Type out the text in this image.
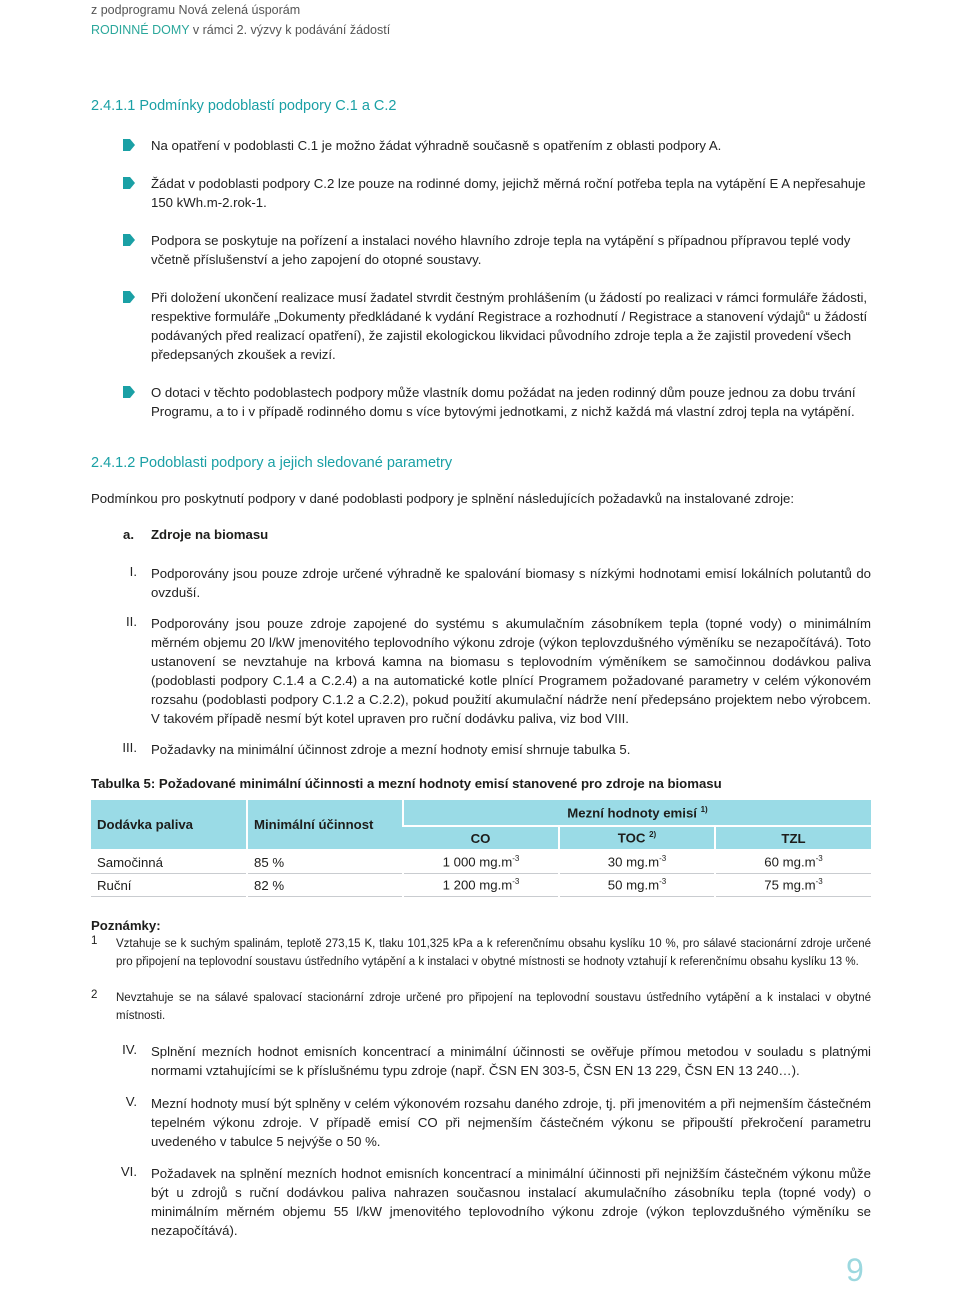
z podprogramu Nová zelená úsporám
RODINNÉ DOMY v rámci 2. výzvy k podávání žádostí
2.4.1.1 Podmínky podoblastí podpory C.1 a C.2
Na opatření v podoblasti C.1 je možno žádat výhradně současně s opatřením z oblasti podpory A.
Žádat v podoblasti podpory C.2 lze pouze na rodinné domy, jejichž měrná roční potřeba tepla na vytápění E A nepřesahuje 150 kWh.m-2.rok-1.
Podpora se poskytuje na pořízení a instalaci nového hlavního zdroje tepla na vytápění s případnou přípravou teplé vody včetně příslušenství a jeho zapojení do otopné soustavy.
Při doložení ukončení realizace musí žadatel stvrdit čestným prohlášením (u žádostí po realizaci v rámci formuláře žádosti, respektive formuláře „Dokumenty předkládané k vydání Registrace a rozhodnutí / Registrace a stanovení výdajů“ u žádostí podávaných před realizací opatření), že zajistil ekologickou likvidaci původního zdroje tepla a že zajistil provedení všech předepsaných zkoušek a revizí.
O dotaci v těchto podoblastech podpory může vlastník domu požádat na jeden rodinný dům pouze jednou za dobu trvání Programu, a to i v případě rodinného domu s více bytovými jednotkami, z nichž každá má vlastní zdroj tepla na vytápění.
2.4.1.2 Podoblasti podpory a jejich sledované parametry
Podmínkou pro poskytnutí podpory v dané podoblasti podpory je splnění následujících požadavků na instalované zdroje:
a. Zdroje na biomasu
I. Podporovány jsou pouze zdroje určené výhradně ke spalování biomasy s nízkými hodnotami emisí lokálních polutantů do ovzduší.
II. Podporovány jsou pouze zdroje zapojené do systému s akumulačním zásobníkem tepla (topné vody) o minimálním měrném objemu 20 l/kW jmenovitého teplovodního výkonu zdroje (výkon teplovzdušného výměníku se nezapočítává). Toto ustanovení se nevztahuje na krbová kamna na biomasu s teplovodním výměníkem se samočinnou dodávkou paliva (podoblasti podpory C.1.4 a C.2.4) a na automatické kotle plnící Programem požadované parametry v celém výkonovém rozsahu (podoblasti podpory C.1.2 a C.2.2), pokud použití akumulační nádrže není předepsáno projektem nebo výrobcem. V takovém případě nesmí být kotel upraven pro ruční dodávku paliva, viz bod VIII.
III. Požadavky na minimální účinnost zdroje a mezní hodnoty emisí shrnuje tabulka 5.
Tabulka 5: Požadované minimální účinnosti a mezní hodnoty emisí stanovené pro zdroje na biomasu
Dodávka paliva	Minimální účinnost	Mezní hodnoty emisí $^{1)}$
		CO	TOC $^{2)}$	TZL
Samočinná	85 %	1 000 $mg.m^{-3}$	30 $mg.m^{-3}$	60 $mg.m^{-3}$
Ruční	82 %	1 200 $mg.m^{-3}$	50 $mg.m^{-3}$	75 $mg.m^{-3}$
Poznámky:
1 Vztahuje se k suchým spalinám, teplotě 273,15 K, tlaku 101,325 kPa a k referenčnímu obsahu kyslíku 10 %, pro sálavé stacionární zdroje určené pro připojení na teplovodní soustavu ústředního vytápění a k instalaci v obytné místnosti se hodnoty vztahují k referenčnímu obsahu kyslíku 13 %.
2 Nevztahuje se na sálavé spalovací stacionární zdroje určené pro připojení na teplovodní soustavu ústředního vytápění a k instalaci v obytné místnosti.
IV. Splnění mezních hodnot emisních koncentrací a minimální účinnosti se ověřuje přímou metodou v souladu s platnými normami vztahujícími se k příslušnému typu zdroje (např. ČSN EN 303-5, ČSN EN 13 229, ČSN EN 13 240…).
V. Mezní hodnoty musí být splněny v celém výkonovém rozsahu daného zdroje, tj. při jmenovitém a při nejmenším částečném tepelném výkonu zdroje. V případě emisí CO při nejmenším částečném výkonu se připouští překročení parametru uvedeného v tabulce 5 nejvýše o 50 %.
VI. Požadavek na splnění mezních hodnot emisních koncentrací a minimální účinnosti při nejnižším částečném výkonu může být u zdrojů s ruční dodávkou paliva nahrazen současnou instalací akumulačního zásobníku tepla (topné vody) o minimálním měrném objemu 55 l/kW jmenovitého teplovodního výkonu zdroje (výkon teplovzdušného výměníku se nezapočítává).
9
